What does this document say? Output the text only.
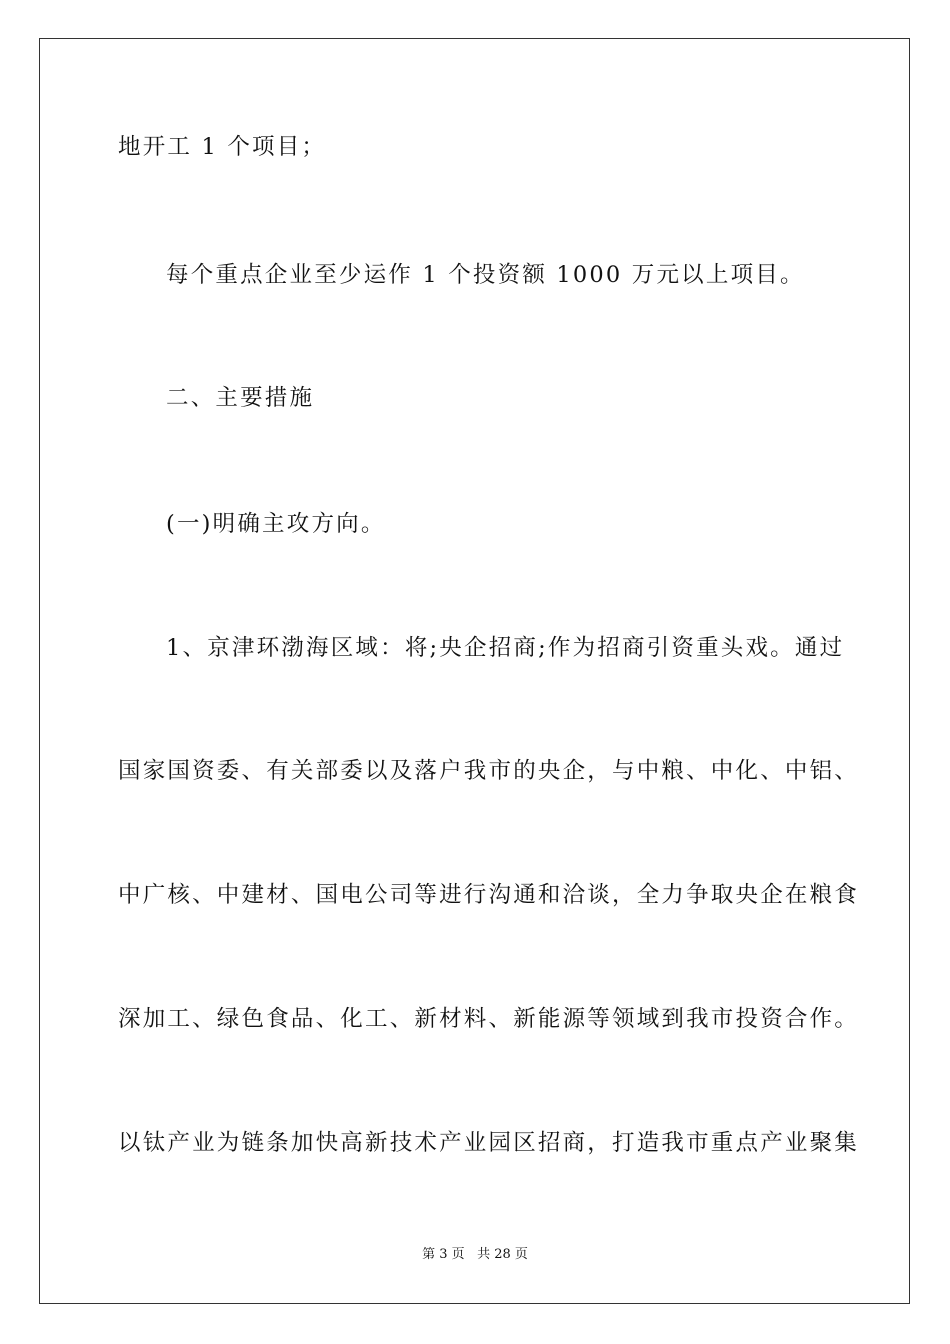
地开工 1 个项目；
每个重点企业至少运作 1 个投资额 1000 万元以上项目。
二、主要措施
(一)明确主攻方向。
1、京津环渤海区域：将;央企招商;作为招商引资重头戏。通过
国家国资委、有关部委以及落户我市的央企，与中粮、中化、中铝、
中广核、中建材、国电公司等进行沟通和洽谈，全力争取央企在粮食
深加工、绿色食品、化工、新材料、新能源等领域到我市投资合作。
以钛产业为链条加快高新技术产业园区招商，打造我市重点产业聚集
第 3 页 共 28 页
